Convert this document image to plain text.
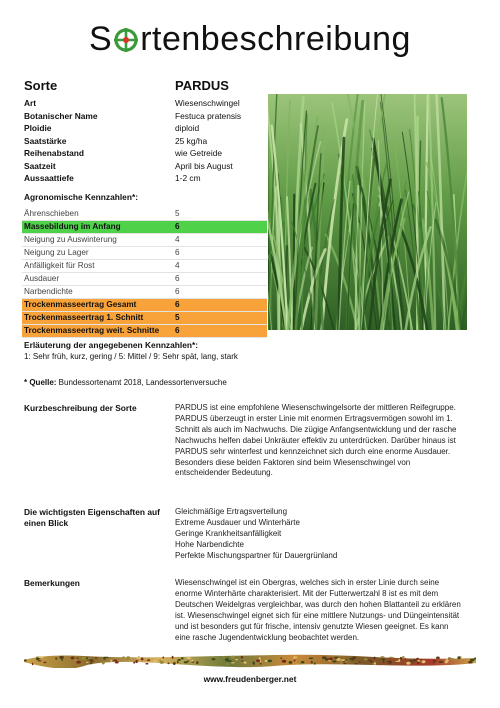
S rtenbeschreibung
Sorte	PARDUS
Art	Wiesenschwingel
Botanischer Name	Festuca pratensis
Ploidie	diploid
Saatstärke	25 kg/ha
Reihenabstand	wie Getreide
Saatzeit	April bis August
Aussaattiefe	1-2 cm
Agronomische Kennzahlen*:
Ährenschieben	5
Massebildung im Anfang	6
Neigung zu Auswinterung	4
Neigung zu Lager	6
Anfälligkeit für Rost	4
Ausdauer	6
Narbendichte	6
Trockenmasseertrag Gesamt	6
Trockenmasseertrag 1. Schnitt	5
Trockenmasseertrag weit. Schnitte 6
Erläuterung der angegebenen Kennzahlen*:
1: Sehr früh, kurz, gering / 5: Mittel / 9: Sehr spät, lang, stark
* Quelle: Bundessortenamt 2018, Landessortenversuche
Kurzbeschreibung der Sorte	PARDUS ist eine empfohlene Wiesenschwingelsorte der mittleren Reifegruppe.
PARDUS überzeugt in erster Linie mit enormen Ertragsvermögen sowohl im 1.
Schnitt als auch im Nachwuchs. Die zügige Anfangsentwicklung und der rasche
Nachwuchs helfen dabei Unkräuter effektiv zu unterdrücken. Darüber hinaus ist
PARDUS sehr winterfest und kennzeichnet sich durch eine enorme Ausdauer.
Besonders diese beiden Faktoren sind beim Wiesenschwingel von
entscheidender Bedeutung.
Die wichtigsten Eigenschaften auf
einen Blick
Gleichmäßige Ertragsverteilung
Extreme Ausdauer und Winterhärte
Geringe Krankheitsanfälligkeit
Hohe Narbendichte
Perfekte Mischungspartner für Dauergrünland
Bemerkungen	Wiesenschwingel ist ein Obergras, welches sich in erster Linie durch seine
enorme Winterhärte charakterisiert. Mit der Futterwertzahl 8 ist es mit dem
Deutschen Weidelgras vergleichbar, was durch den hohen Blattanteil zu erklären
ist. Wiesenschwingel eignet sich für eine mittlere Nutzungs- und Düngeintensität
und ist besonders gut für frische, intensiv genutzte Wiesen geeignet. Es kann
eine rasche Jugendentwicklung beobachtet werden.
www.freudenberger.net
